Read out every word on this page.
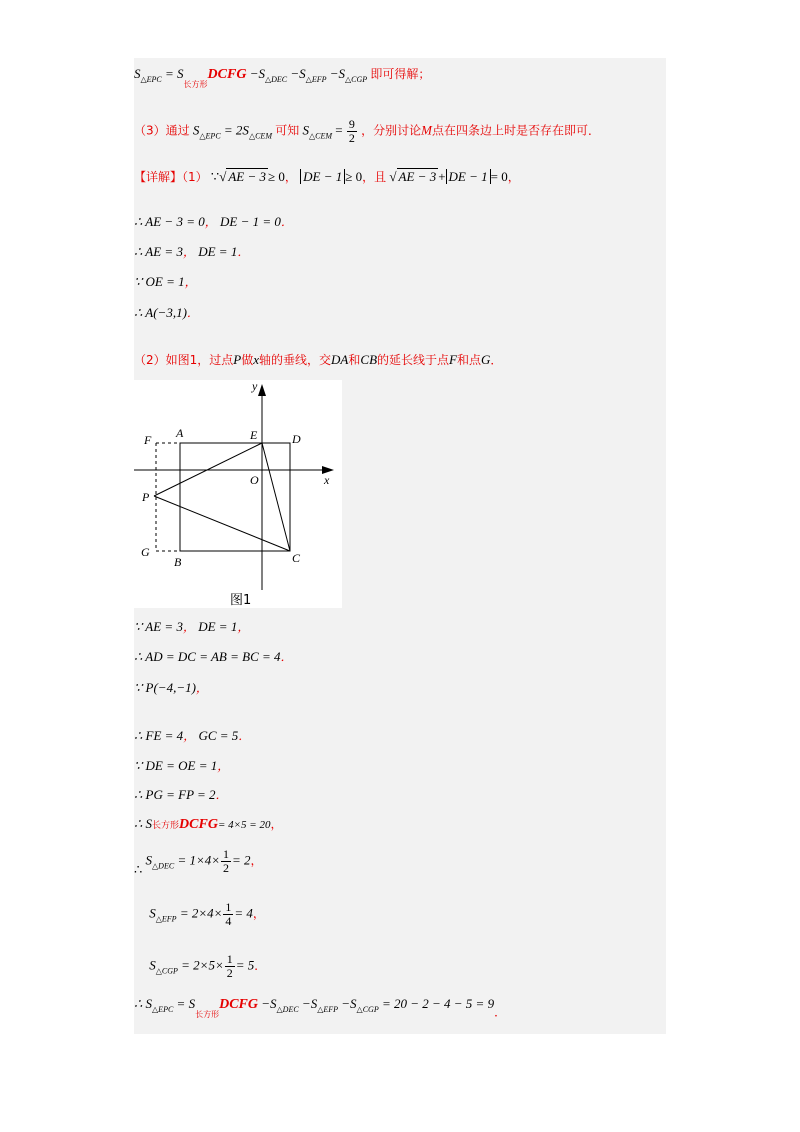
$S_{\triangle EPC}$ = $S_{长方形}DCFG -S_{\triangle DEC} -S_{\triangle EFP} -S_{\triangle CGP}$ 即可得解；
（3）通过 $S_{\triangle EPC} = 2S_{\triangle CEM}$ 可知 $S_{\triangle CEM} = \frac{9}{2}$ ，分别讨论M点在四条边上时是否存在即可．
【详解】（1） ∵√ AE − 3 ≥ 0， DE − 1 ≥ 0，且 √ AE − 3 + DE − 1 = 0，
∴ AE − 3 = 0， DE − 1 = 0．
∴ AE = 3， DE = 1．
∵ OE = 1，
∴ A(−3,1)．
（2）如图1，过点P做x轴的垂线，交DA和CB的延长线于点F和点G．
∵ AE = 3， DE = 1，
∴ AD = DC = AB = BC = 4．
∵ P(−4,−1)，
∴ FE = 4， GC = 5．
∵ DE = OE = 1，
∴ PG = FP = 2．
∴ S长方形DCFG= 4×5 = 20，
∴ $S_{\triangle DEC} = 1\times 4\times \frac{1}{2} = 2$，
$S_{\triangle EFP} = 2\times 4\times \frac{1}{4} = 4$，
$S_{\triangle CGP} = 2\times 5\times \frac{1}{2} = 5$．
∴ $S_{\triangle EPC}$ = $S_{长方形}DCFG -S_{\triangle DEC} -S_{\triangle EFP} -S_{\triangle CGP} = 20 - 2 - 4 - 5 = 9$．
x
y
F A	E	D
O
P
G
B	C
图1
